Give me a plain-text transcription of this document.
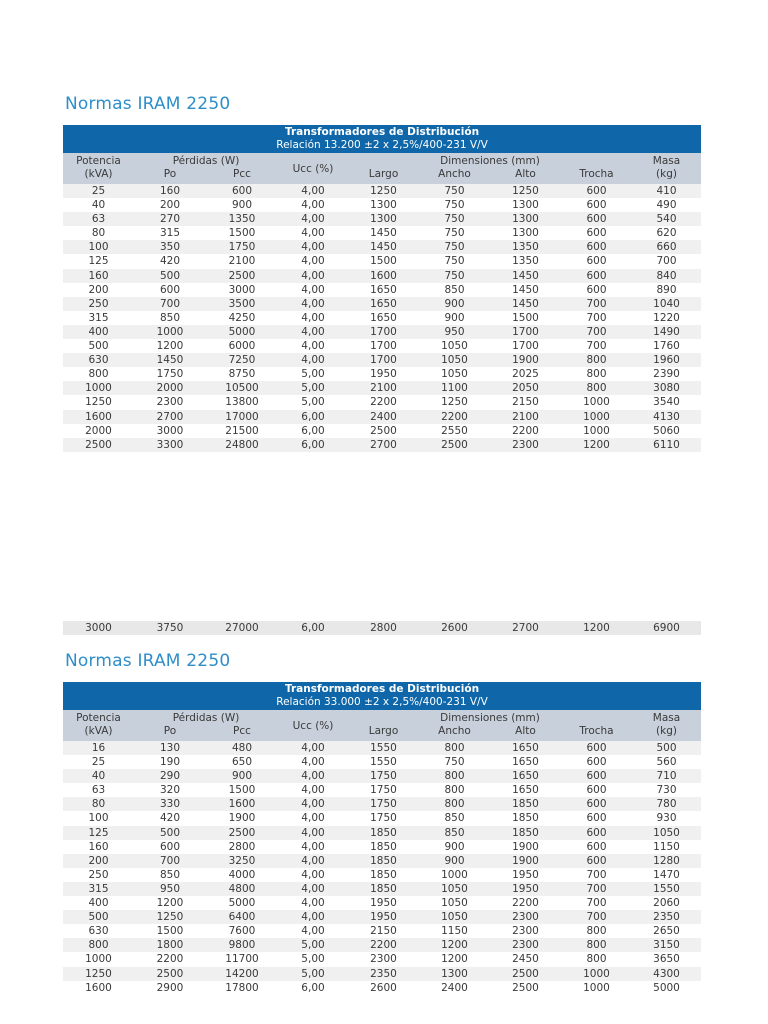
Normas IRAM 2250
Transformadores de Distribución
Relación 13.200 ±2 x 2,5%/400-231 V/V								

Potencia	Pérdidas (W)		Ucc (%)		Dimensiones (mm)			Masa
(kVA)	Po	Pcc		Largo	Ancho	Alto	Trocha	(kg)
25	160	600	4,00	1250	750	1250	600	410
40	200	900	4,00	1300	750	1300	600	490
63	270	1350	4,00	1300	750	1300	600	540
80	315	1500	4,00	1450	750	1300	600	620
100	350	1750	4,00	1450	750	1350	600	660
125	420	2100	4,00	1500	750	1350	600	700
160	500	2500	4,00	1600	750	1450	600	840
200	600	3000	4,00	1650	850	1450	600	890
250	700	3500	4,00	1650	900	1450	700	1040
315	850	4250	4,00	1650	900	1500	700	1220
400	1000	5000	4,00	1700	950	1700	700	1490
500	1200	6000	4,00	1700	1050	1700	700	1760
630	1450	7250	4,00	1700	1050	1900	800	1960
800	1750	8750	5,00	1950	1050	2025	800	2390
1000	2000	10500	5,00	2100	1100	2050	800	3080
1250	2300	13800	5,00	2200	1250	2150	1000	3540
1600	2700	17000	6,00	2400	2200	2100	1000	4130
2000	3000	21500	6,00	2500	2550	2200	1000	5060
2500	3300	24800	6,00	2700	2500	2300	1200	6110
3000	3750	27000	6,00	2800	2600	2700	1200	6900
Normas IRAM 2250
Transformadores de Distribución
Relación 33.000 ±2 x 2,5%/400-231 V/V								

Potencia	Pérdidas (W)		Ucc (%)		Dimensiones (mm)			Masa
(kVA)	Po	Pcc		Largo	Ancho	Alto	Trocha	(kg)
16	130	480	4,00	1550	800	1650	600	500
25	190	650	4,00	1550	750	1650	600	560
40	290	900	4,00	1750	800	1650	600	710
63	320	1500	4,00	1750	800	1650	600	730
80	330	1600	4,00	1750	800	1850	600	780
100	420	1900	4,00	1750	850	1850	600	930
125	500	2500	4,00	1850	850	1850	600	1050
160	600	2800	4,00	1850	900	1900	600	1150
200	700	3250	4,00	1850	900	1900	600	1280
250	850	4000	4,00	1850	1000	1950	700	1470
315	950	4800	4,00	1850	1050	1950	700	1550
400	1200	5000	4,00	1950	1050	2200	700	2060
500	1250	6400	4,00	1950	1050	2300	700	2350
630	1500	7600	4,00	2150	1150	2300	800	2650
800	1800	9800	5,00	2200	1200	2300	800	3150
1000	2200	11700	5,00	2300	1200	2450	800	3650
1250	2500	14200	5,00	2350	1300	2500	1000	4300
1600	2900	17800	6,00	2600	2400	2500	1000	5000
